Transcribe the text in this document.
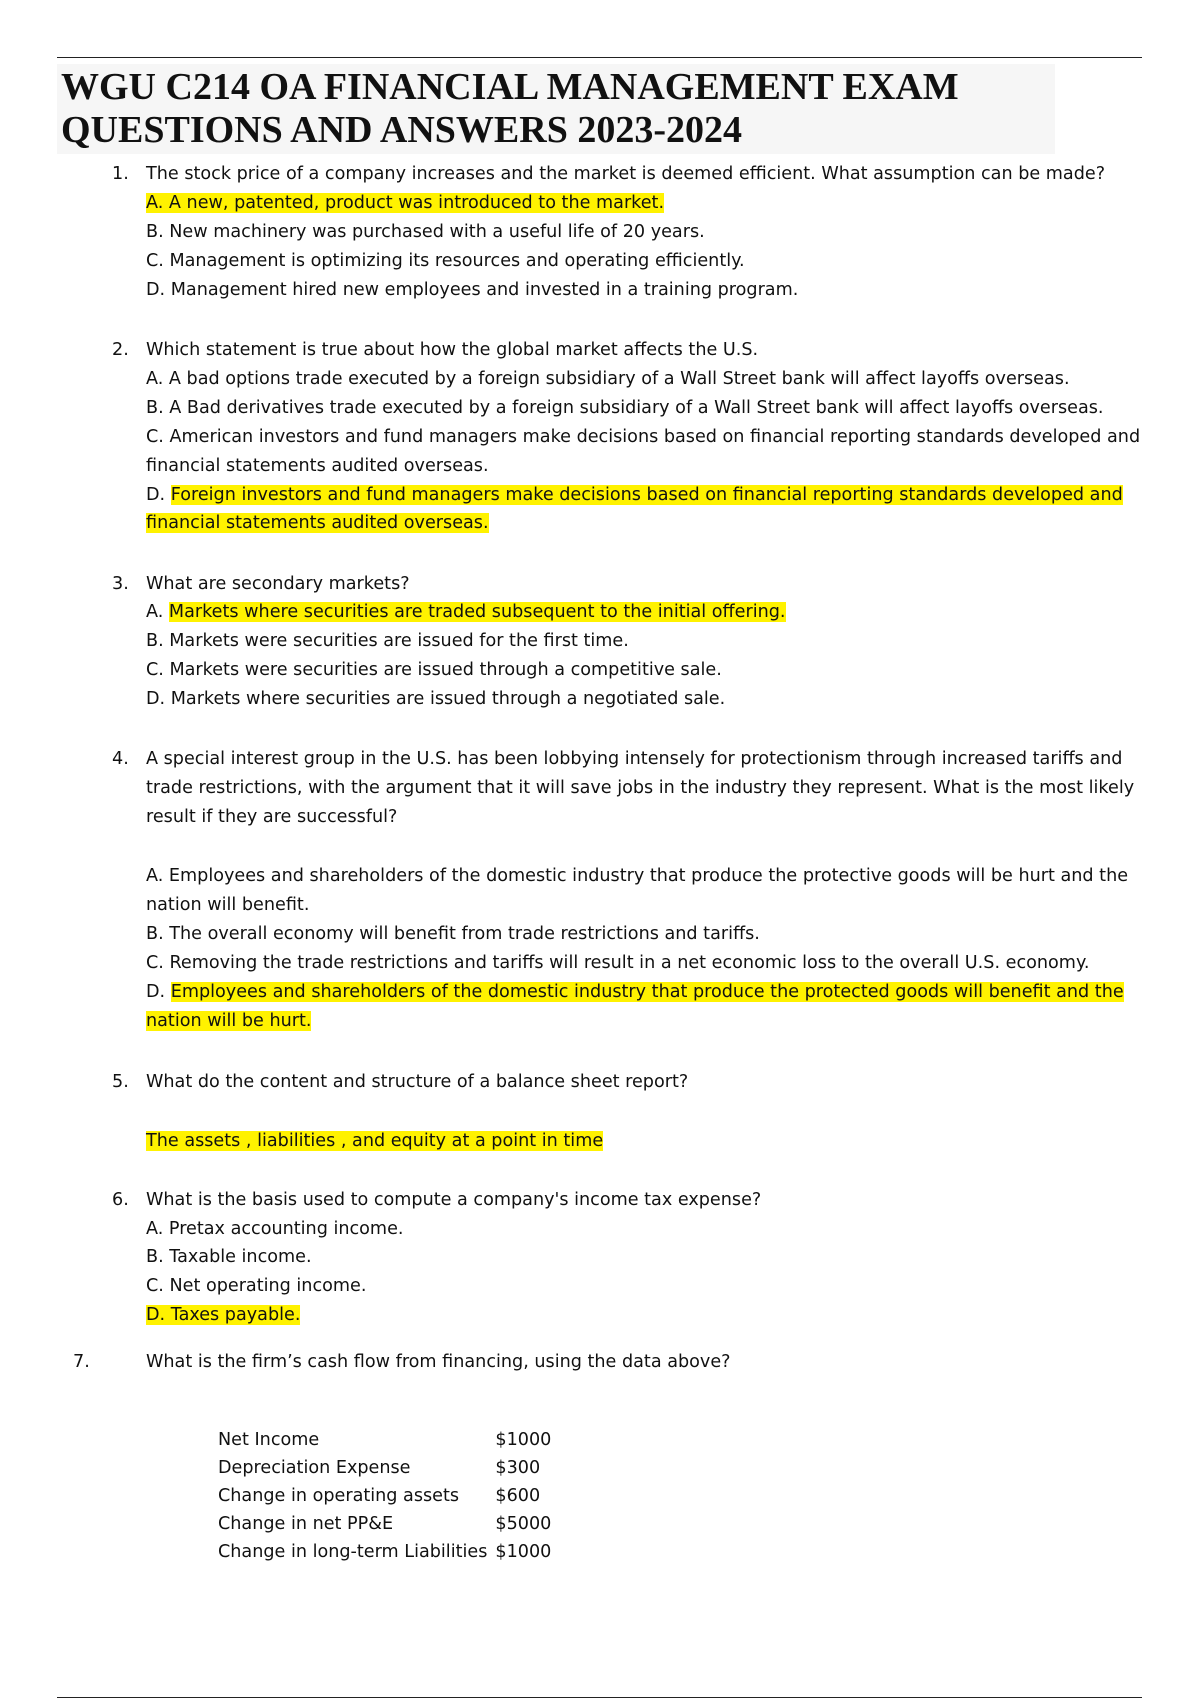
WGU C214 OA FINANCIAL MANAGEMENT EXAM QUESTIONS AND ANSWERS 2023-2024
1. The stock price of a company increases and the market is deemed efficient. What assumption can be made?
A. A new, patented, product was introduced to the market.
B. New machinery was purchased with a useful life of 20 years.
C. Management is optimizing its resources and operating efficiently.
D. Management hired new employees and invested in a training program.
2. Which statement is true about how the global market affects the U.S.
A. A bad options trade executed by a foreign subsidiary of a Wall Street bank will affect layoffs overseas.
B. A Bad derivatives trade executed by a foreign subsidiary of a Wall Street bank will affect layoffs overseas.
C. American investors and fund managers make decisions based on financial reporting standards developed and
financial statements audited overseas.
D. Foreign investors and fund managers make decisions based on financial reporting standards developed and
financial statements audited overseas.
3. What are secondary markets?
A. Markets where securities are traded subsequent to the initial offering.
B. Markets were securities are issued for the first time.
C. Markets were securities are issued through a competitive sale.
D. Markets where securities are issued through a negotiated sale.
4. A special interest group in the U.S. has been lobbying intensely for protectionism through increased tariffs and
trade restrictions, with the argument that it will save jobs in the industry they represent. What is the most likely
result if they are successful?
A. Employees and shareholders of the domestic industry that produce the protective goods will be hurt and the
nation will benefit.
B. The overall economy will benefit from trade restrictions and tariffs.
C. Removing the trade restrictions and tariffs will result in a net economic loss to the overall U.S. economy.
D. Employees and shareholders of the domestic industry that produce the protected goods will benefit and the
nation will be hurt.
5. What do the content and structure of a balance sheet report?
The assets , liabilities , and equity at a point in time
6. What is the basis used to compute a company's income tax expense?
A. Pretax accounting income.
B. Taxable income.
C. Net operating income.
D. Taxes payable.
7.	What is the firm’s cash flow from financing, using the data above?
Net Income	$1000
Depreciation Expense	$300
Change in operating assets	$600
Change in net PP&E	$5000
Change in long-term Liabilities	$1000
